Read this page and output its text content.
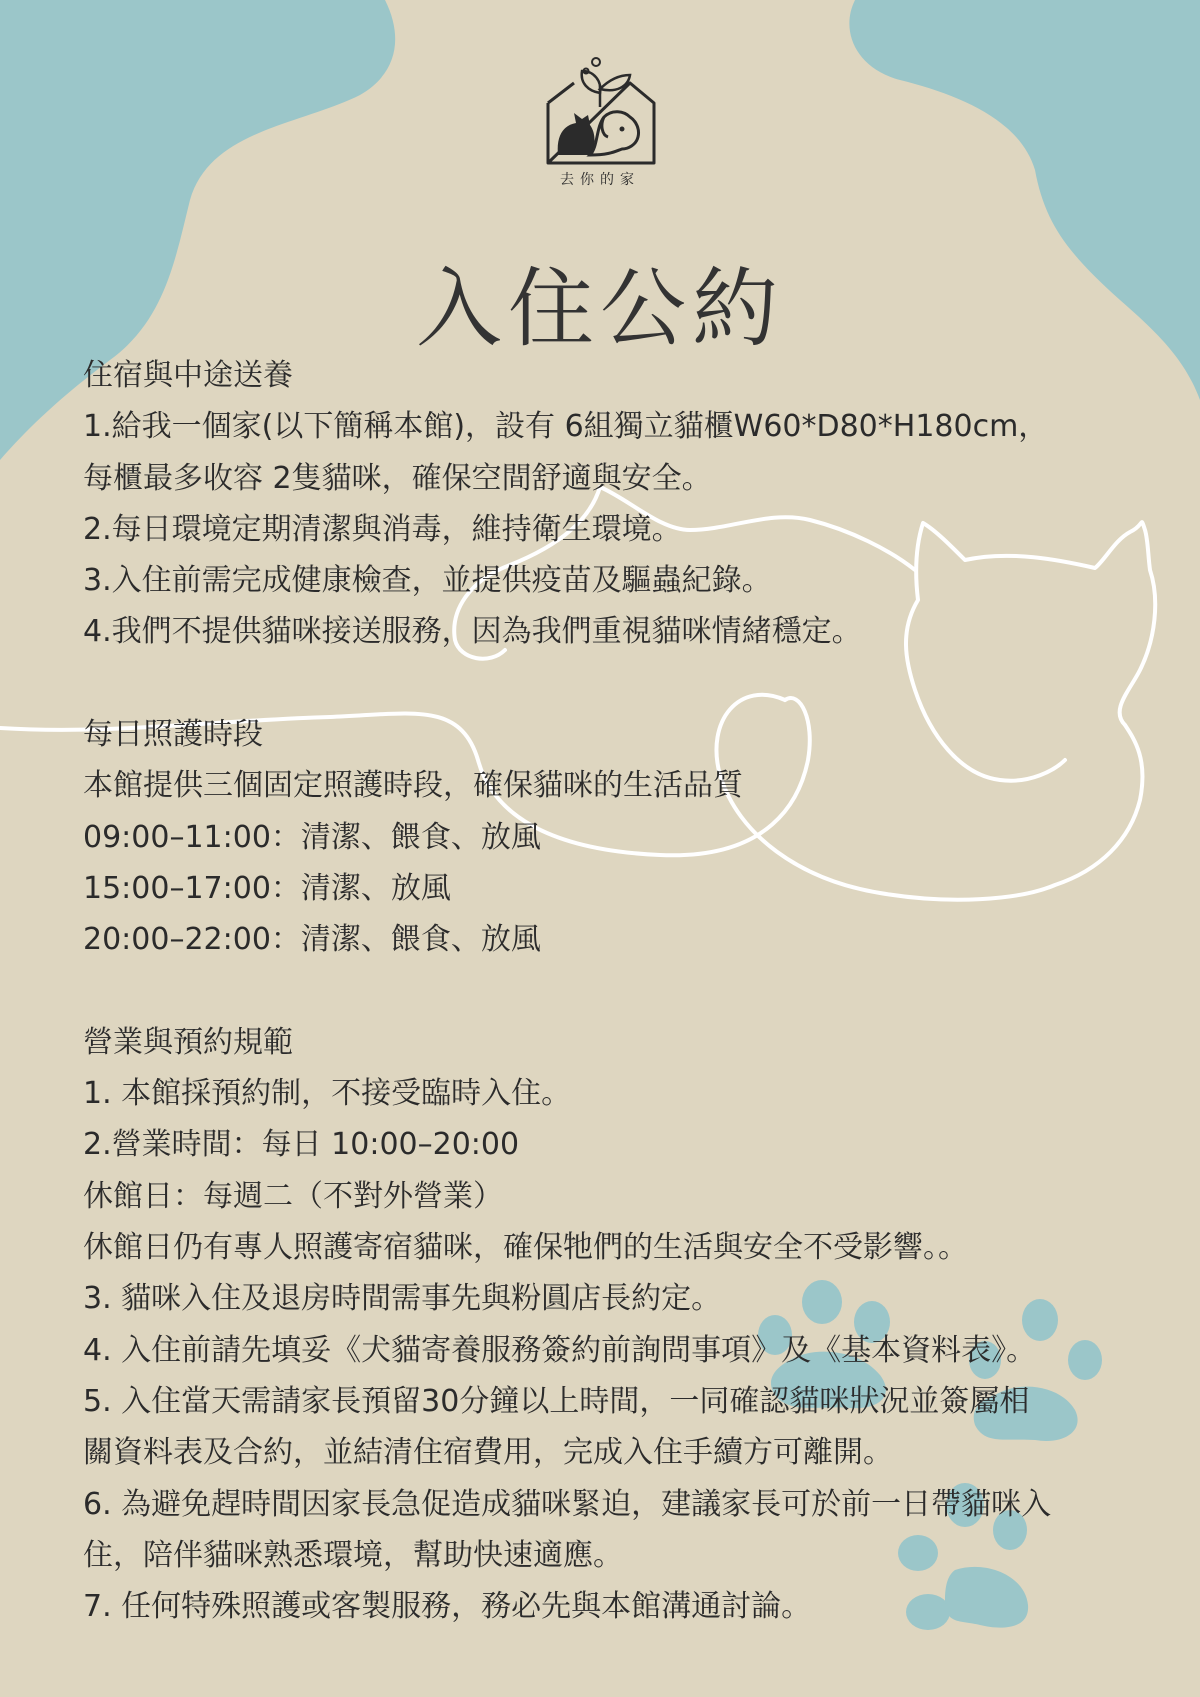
去你的家
入住公約
住宿與中途送養
1.給我一個家(以下簡稱本館)，設有 6組獨立貓櫃W60*D80*H180cm，
每櫃最多收容 2隻貓咪，確保空間舒適與安全。
2.每日環境定期清潔與消毒，維持衛生環境。
3.入住前需完成健康檢查，並提供疫苗及驅蟲紀錄。
4.我們不提供貓咪接送服務，因為我們重視貓咪情緒穩定。
每日照護時段
本館提供三個固定照護時段，確保貓咪的生活品質
09:00–11:00：清潔、餵食、放風
15:00–17:00：清潔、放風
20:00–22:00：清潔、餵食、放風
營業與預約規範
1. 本館採預約制，不接受臨時入住。
2.營業時間：每日 10:00–20:00
休館日：每週二（不對外營業）
休館日仍有專人照護寄宿貓咪，確保牠們的生活與安全不受影響。。
3. 貓咪入住及退房時間需事先與粉圓店長約定。
4. 入住前請先填妥《犬貓寄養服務簽約前詢問事項》及《基本資料表》。
5. 入住當天需請家長預留30分鐘以上時間，一同確認貓咪狀況並簽屬相
關資料表及合約，並結清住宿費用，完成入住手續方可離開。
6. 為避免趕時間因家長急促造成貓咪緊迫，建議家長可於前一日帶貓咪入
住，陪伴貓咪熟悉環境，幫助快速適應。
7. 任何特殊照護或客製服務，務必先與本館溝通討論。
